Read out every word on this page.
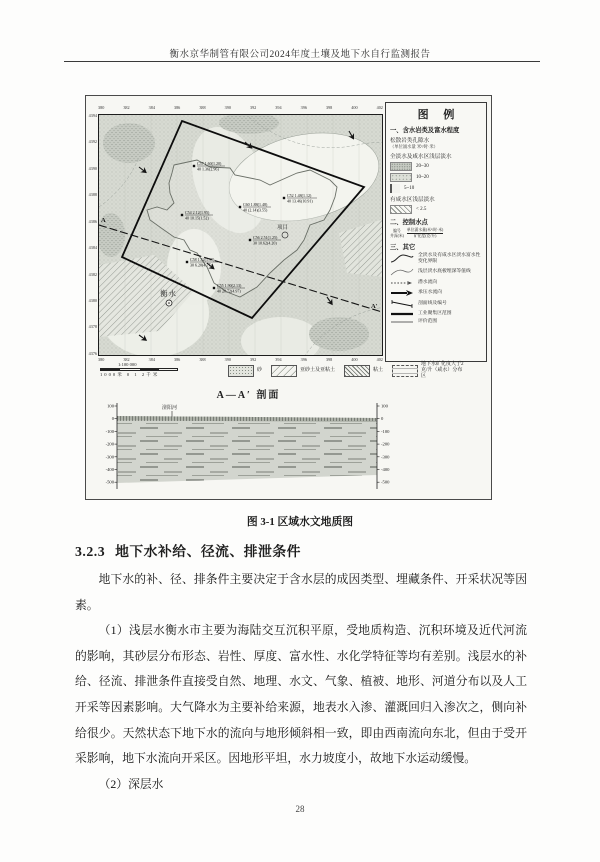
衡水京华制管有限公司2024年度土壤及地下水自行监测报告
380	382	384	386	388	390	392	394	396	398	400	402
380	382	384	386	388	390	392	394	396	398	400	402
4394
4392
4390
4388
4386
4384
4382
4380
4378
4376
衡水
项目
A
A′
C57 1.60(1.20)
40 1.36(2.96)
C52 1.48(1.12)
40 13.46(10.91)
C60 1.88(1.48)
40 (2.14)(3.55)
C54 2.12(1.95)
40 10.15(1.52)
C56 2.51(1.25)
30 10.62(4.20)
C58 1.52(1.19)
30 6.20(4.77)
C55 1.90(2.13)
40 20.72(4.97)
图 例
一、含水岩类及富水程度
松散岩类孔隙水
（单位涌水量 米³/时·米）
全淡水及咸水区浅层淡水
20~30
10~20
5~10
有咸水区浅层淡水
< 2.5
二、控制水点
编号
井深(米) $\frac{\text{单位涌水量(米³/时·米)}}{\text{矿化度(克/升)}}$
三、其它
全淡水及有咸水区淡水富水性变化界限
浅层淡水底板埋深等值线
潜水流向
承压水流向
剖面线及编号
工业聚集区范围
评价范围
1:100 000
1000米 0 1 2千米
砂	亚砂土及亚粘土	粘土
地下水矿化度大于2克/升（咸水）分布区
A—A′ 剖面
100
0
-100
-200
-300
-400
-500
100
0
-100
-200
-300
-400
-500
滏阳河
图 3-1 区域水文地质图
3.2.3 地下水补给、径流、排泄条件

地下水的补、径、排条件主要决定于含水层的成因类型、埋藏条件、开采状况等因素。

（1）浅层水衡水市主要为海陆交互沉积平原，受地质构造、沉积环境及近代河流的影响，其砂层分布形态、岩性、厚度、富水性、水化学特征等均有差别。浅层水的补给、径流、排泄条件直接受自然、地理、水文、气象、植被、地形、河道分布以及人工开采等因素影响。大气降水为主要补给来源，地表水入渗、灌溉回归入渗次之，侧向补给很少。天然状态下地下水的流向与地形倾斜相一致，即由西南流向东北，但由于受开采影响，地下水流向开采区。因地形平坦，水力坡度小，故地下水运动缓慢。

（2）深层水

28
